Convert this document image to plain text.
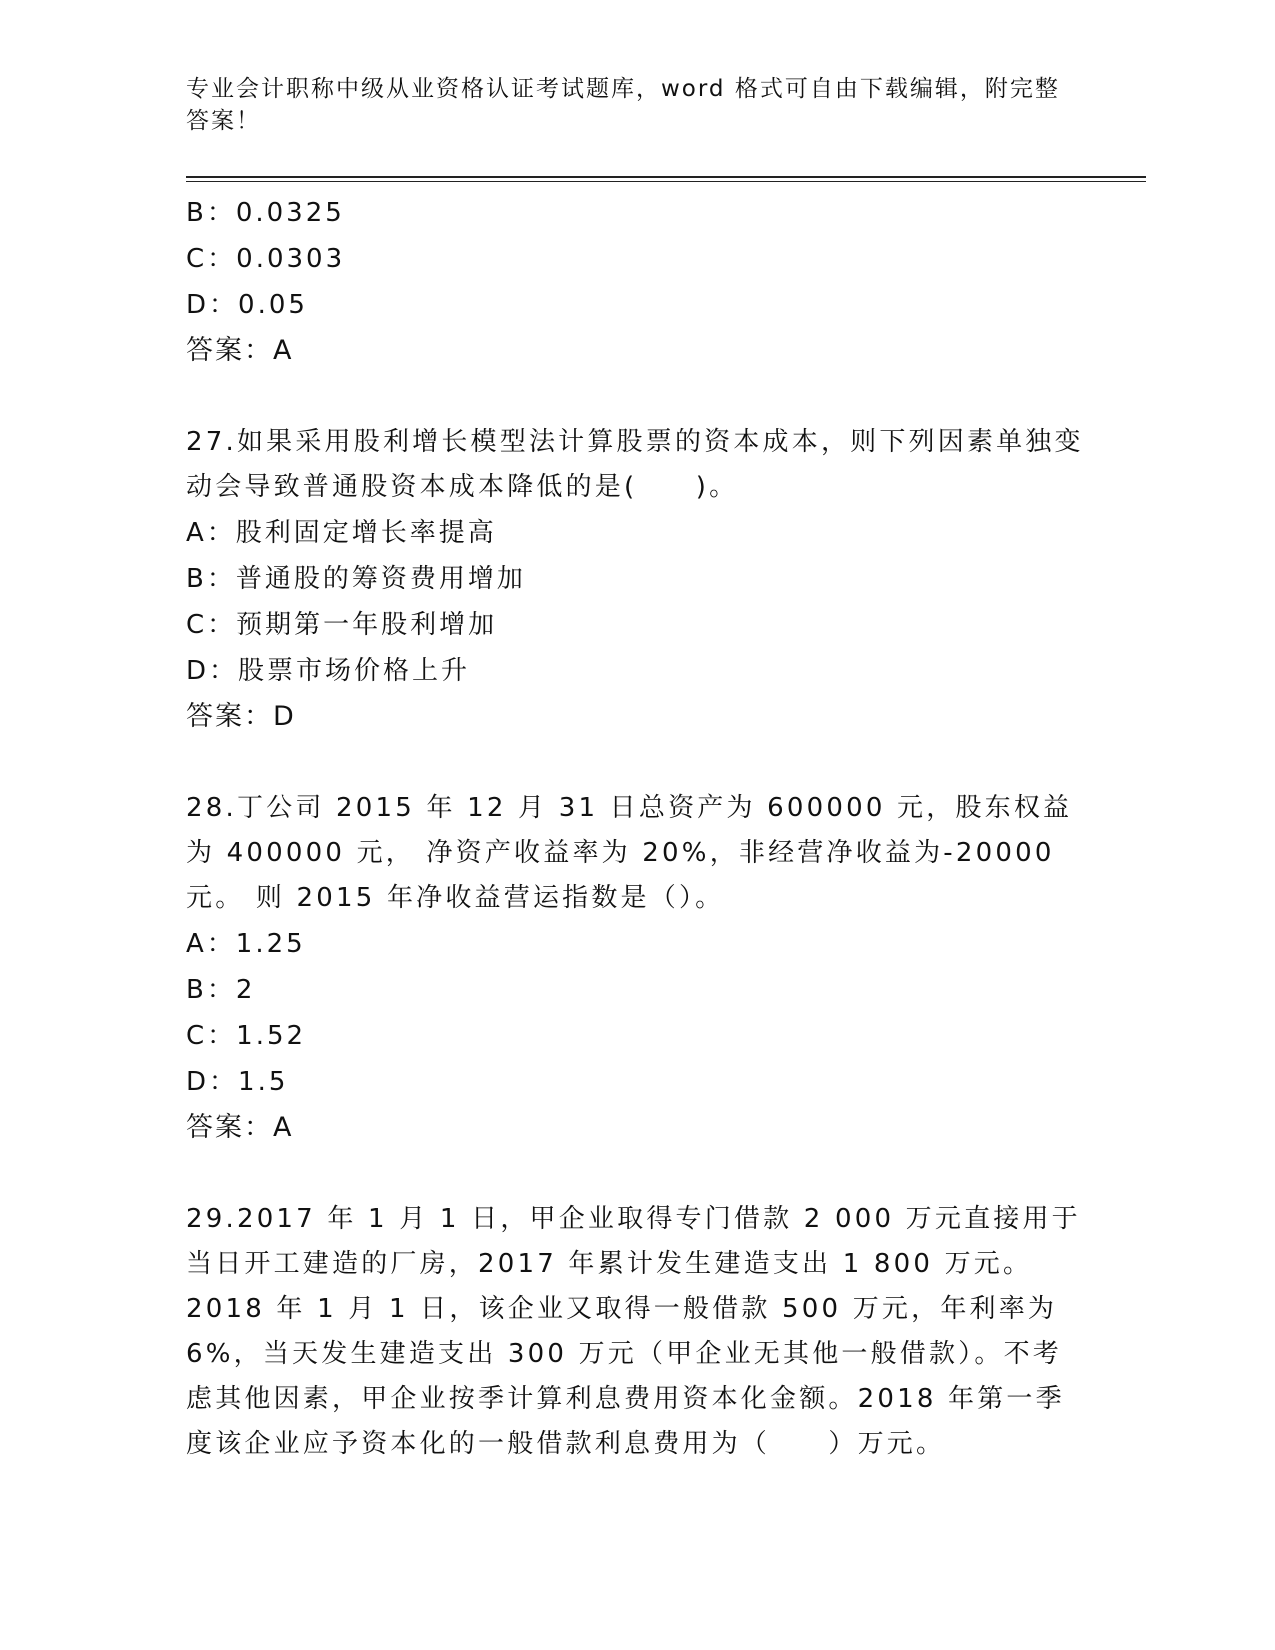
专业会计职称中级从业资格认证考试题库，word 格式可自由下载编辑，附完整答案！
B：0.0325
C：0.0303
D：0.05
答案：A
27.如果采用股利增长模型法计算股票的资本成本，则下列因素单独变动会导致普通股资本成本降低的是(　　)。
A：股利固定增长率提高
B：普通股的筹资费用增加
C：预期第一年股利增加
D：股票市场价格上升
答案：D
28.丁公司 2015 年 12 月 31 日总资产为 600000 元，股东权益为 400000 元， 净资产收益率为 20%，非经营净收益为-20000 元。 则 2015 年净收益营运指数是（）。
A：1.25
B：2
C：1.52
D：1.5
答案：A
29.2017 年 1 月 1 日，甲企业取得专门借款 2 000 万元直接用于当日开工建造的厂房，2017 年累计发生建造支出 1 800 万元。2018 年 1 月 1 日，该企业又取得一般借款 500 万元，年利率为 6%，当天发生建造支出 300 万元（甲企业无其他一般借款）。不考虑其他因素，甲企业按季计算利息费用资本化金额。2018 年第一季度该企业应予资本化的一般借款利息费用为（　　）万元。
